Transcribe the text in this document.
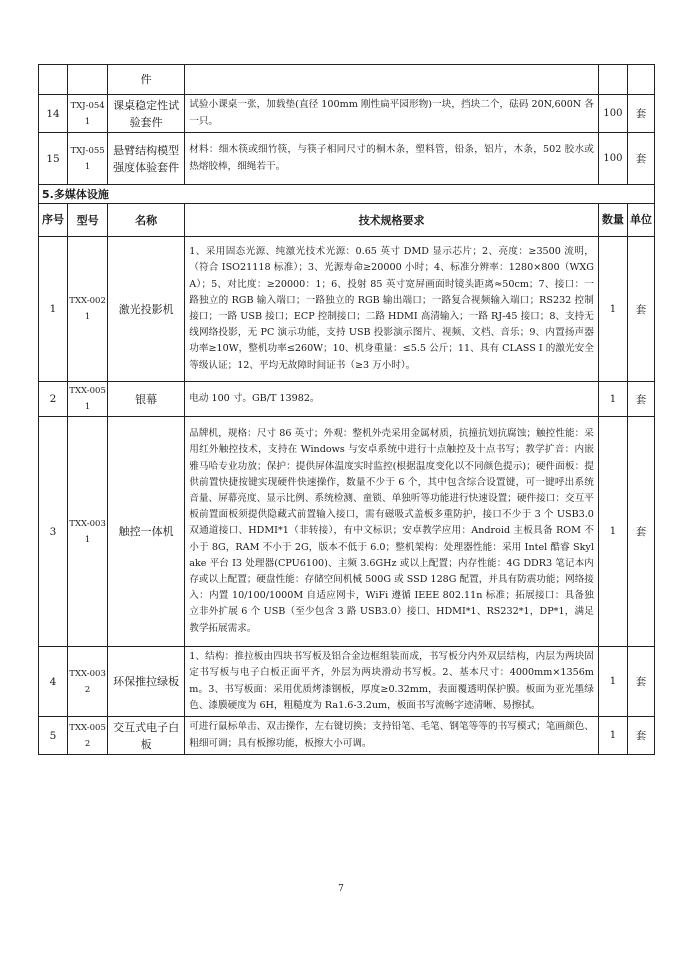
		件			
14	TXJ-0541	课桌稳定性试验套件	试验小课桌一张，加载垫(直径 100mm 刚性扁平园形物)一块，挡块二个，砝码 20N,600N 各一只。	100	套
15	TXJ-0551	悬臂结构模型强度体验套件	材料：细木筷或细竹筷，与筷子相同尺寸的桐木条，塑料管，铅条，铝片，木条，502 胶水或热熔胶棒，细绳若干。	100	套
5.多媒体设施					
序号	型号	名称	技术规格要求	数量	单位
1	TXX-0021	激光投影机	1、采用固态光源、纯激光技术光源：0.65 英寸 DMD 显示芯片；2、亮度：≥3500 流明，（符合 ISO21118 标准）；3、光源寿命≥20000 小时；4、标准分辨率：1280×800（WXGA）；5、对比度：≥20000：1；6、投射 85 英寸宽屏画面时镜头距离≈50cm；7、接口：一路独立的 RGB 输入端口；一路独立的 RGB 输出端口；一路复合视频输入端口；RS232 控制接口；一路 USB 接口；ECP 控制接口；二路 HDMI 高清输入；一路 RJ-45 接口；8、支持无线网络投影，无 PC 演示功能，支持 USB 投影演示图片、视频、文档、音乐；9、内置扬声器功率≥10W，整机功率≤260W；10、机身重量：≤5.5 公斤；11、具有 CLASS I 的激光安全等级认证；12、平均无故障时间证书（≥3 万小时）。	1	套
2	TXX-0051	银幕	电动 100 寸。GB/T 13982。	1	套
3	TXX-0031	触控一体机	品牌机，规格：尺寸 86 英寸；外观：整机外壳采用金属材质，抗撞抗划抗腐蚀；触控性能：采用红外触控技术，支持在 Windows 与安卓系统中进行十点触控及十点书写；教学扩音：内嵌雅马哈专业功放；保护：提供屏体温度实时监控(根据温度变化以不同颜色提示)；硬件面板：提供前置快捷按键实现硬件快速操作，数量不少于 6 个，其中包含综合设置键，可一键呼出系统音量、屏幕亮度、显示比例、系统检测、童锁、单独听等功能进行快速设置；硬件接口：交互平板前置面板须提供隐藏式前置输入接口，需有磁吸式盖板多重防护，接口不少于 3 个 USB3.0 双通道接口、HDMI*1（非转接），有中文标识；安卓教学应用：Android 主板具备 ROM 不小于 8G，RAM 不小于 2G，版本不低于 6.0；整机架构：处理器性能：采用 Intel 酷睿 Skylake 平台 I3 处理器(CPU6100)、主频 3.6GHz 或以上配置；内存性能：4G DDR3 笔记本内存或以上配置；硬盘性能：存储空间机械 500G 或 SSD 128G 配置，并具有防震功能；网络接入：内置 10/100/1000M 自适应网卡，WiFi 遵循 IEEE 802.11n 标准；拓展接口：具备独立非外扩展 6 个 USB（至少包含 3 路 USB3.0）接口、HDMI*1、RS232*1，DP*1，满足教学拓展需求。	1	套
4	TXX-0032	环保推拉绿板	1、结构：推拉板由四块书写板及铝合金边框组装而成，书写板分内外双层结构，内层为两块固定书写板与电子白板正面平齐，外层为两块滑动书写板。2、基本尺寸：4000mm×1356mm。3、书写板面：采用优质烤漆钢板，厚度≥0.32mm，表面覆透明保护膜。板面为亚光墨绿色、漆膜硬度为 6H，粗糙度为 Ra1.6-3.2um，板面书写流畅字迹清晰、易擦拭。	1	套
5	TXX-0052	交互式电子白板	可进行鼠标单击、双击操作，左右键切换；支持铅笔、毛笔、钢笔等等的书写模式；笔画颜色、粗细可调；具有板擦功能，板擦大小可调。	1	套
7
